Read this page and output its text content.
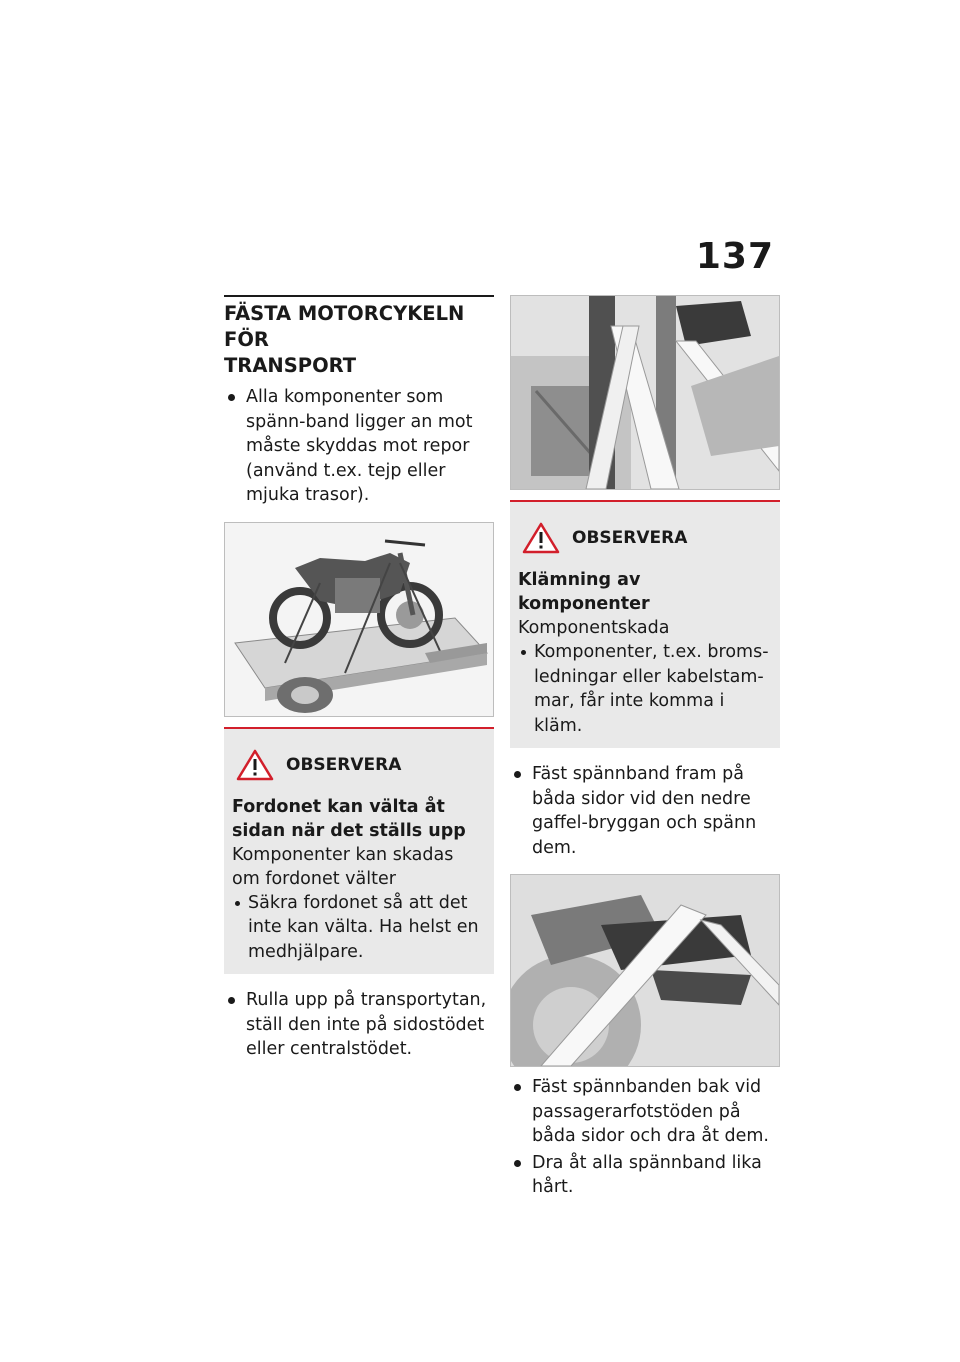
137
FÄSTA MOTORCYKELN FÖR
TRANSPORT
Alla komponenter som spänn-band ligger an mot måste skyddas mot repor (använd t.ex. tejp eller mjuka trasor).
OBSERVERA
Fordonet kan välta åt sidan när det ställs upp
Komponenter kan skadas om fordonet välter
Säkra fordonet så att det inte kan välta. Ha helst en medhjälpare.
Rulla upp på transportytan, ställ den inte på sidostödet eller centralstödet.
OBSERVERA
Klämning av komponenter
Komponentskada
Komponenter, t.ex. broms-ledningar eller kabelstam-mar, får inte komma i kläm.
Fäst spännband fram på båda sidor vid den nedre gaffel-bryggan och spänn dem.
Fäst spännbanden bak vid passagerarfotstöden på båda sidor och dra åt dem.
Dra åt alla spännband lika hårt.
